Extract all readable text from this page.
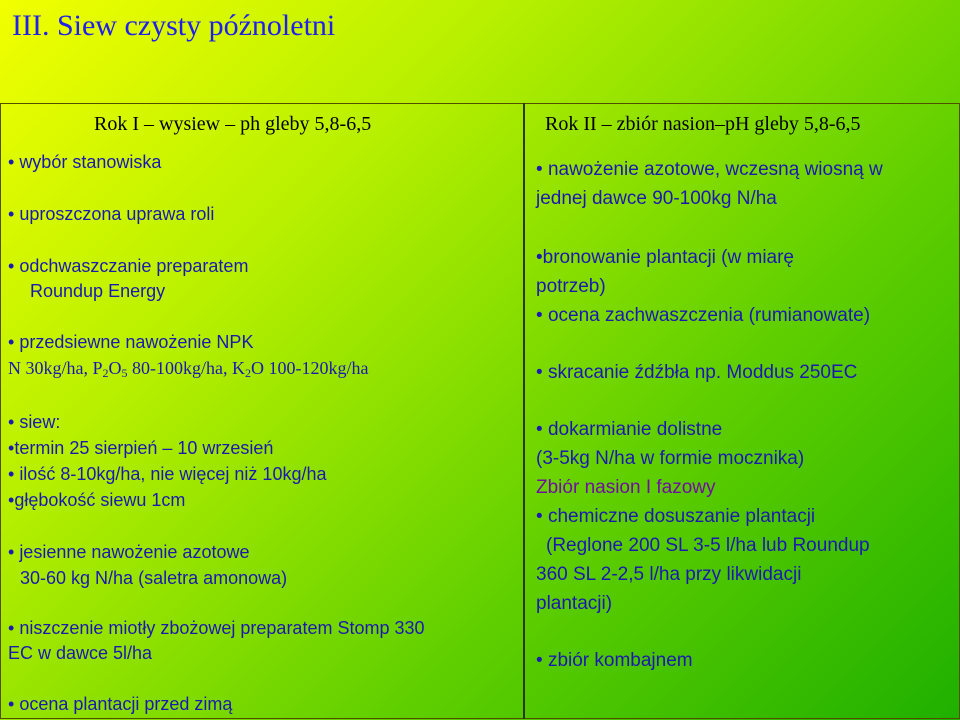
III. Siew czysty późnoletni
Rok I – wysiew – ph gleby 5,8-6,5	Rok II – zbiór nasion–pH gleby 5,8-6,5
• wybór stanowiska
• uproszczona uprawa roli
• odchwaszczanie preparatem
Roundup Energy
• przedsiewne nawożenie NPK
N 30kg/ha, $P_2O_5$ 80-100kg/ha, $K_2O$ 100-120kg/ha
• siew:
•termin 25 sierpień – 10 wrzesień
• ilość 8-10kg/ha, nie więcej niż 10kg/ha
•głębokość siewu 1cm
• jesienne nawożenie azotowe
30-60 kg N/ha (saletra amonowa)
• niszczenie miotły zbożowej preparatem Stomp 330
EC w dawce 5l/ha
• ocena plantacji przed zimą
• nawożenie azotowe, wczesną wiosną w
jednej dawce 90-100kg N/ha
•bronowanie plantacji (w miarę
potrzeb)
• ocena zachwaszczenia (rumianowate)
• skracanie źdźbła np. Moddus 250EC
• dokarmianie dolistne
(3-5kg N/ha w formie mocznika)
Zbiór nasion I fazowy
• chemiczne dosuszanie plantacji
(Reglone 200 SL 3-5 l/ha lub Roundup
360 SL 2-2,5 l/ha przy likwidacji
plantacji)
• zbiór kombajnem
